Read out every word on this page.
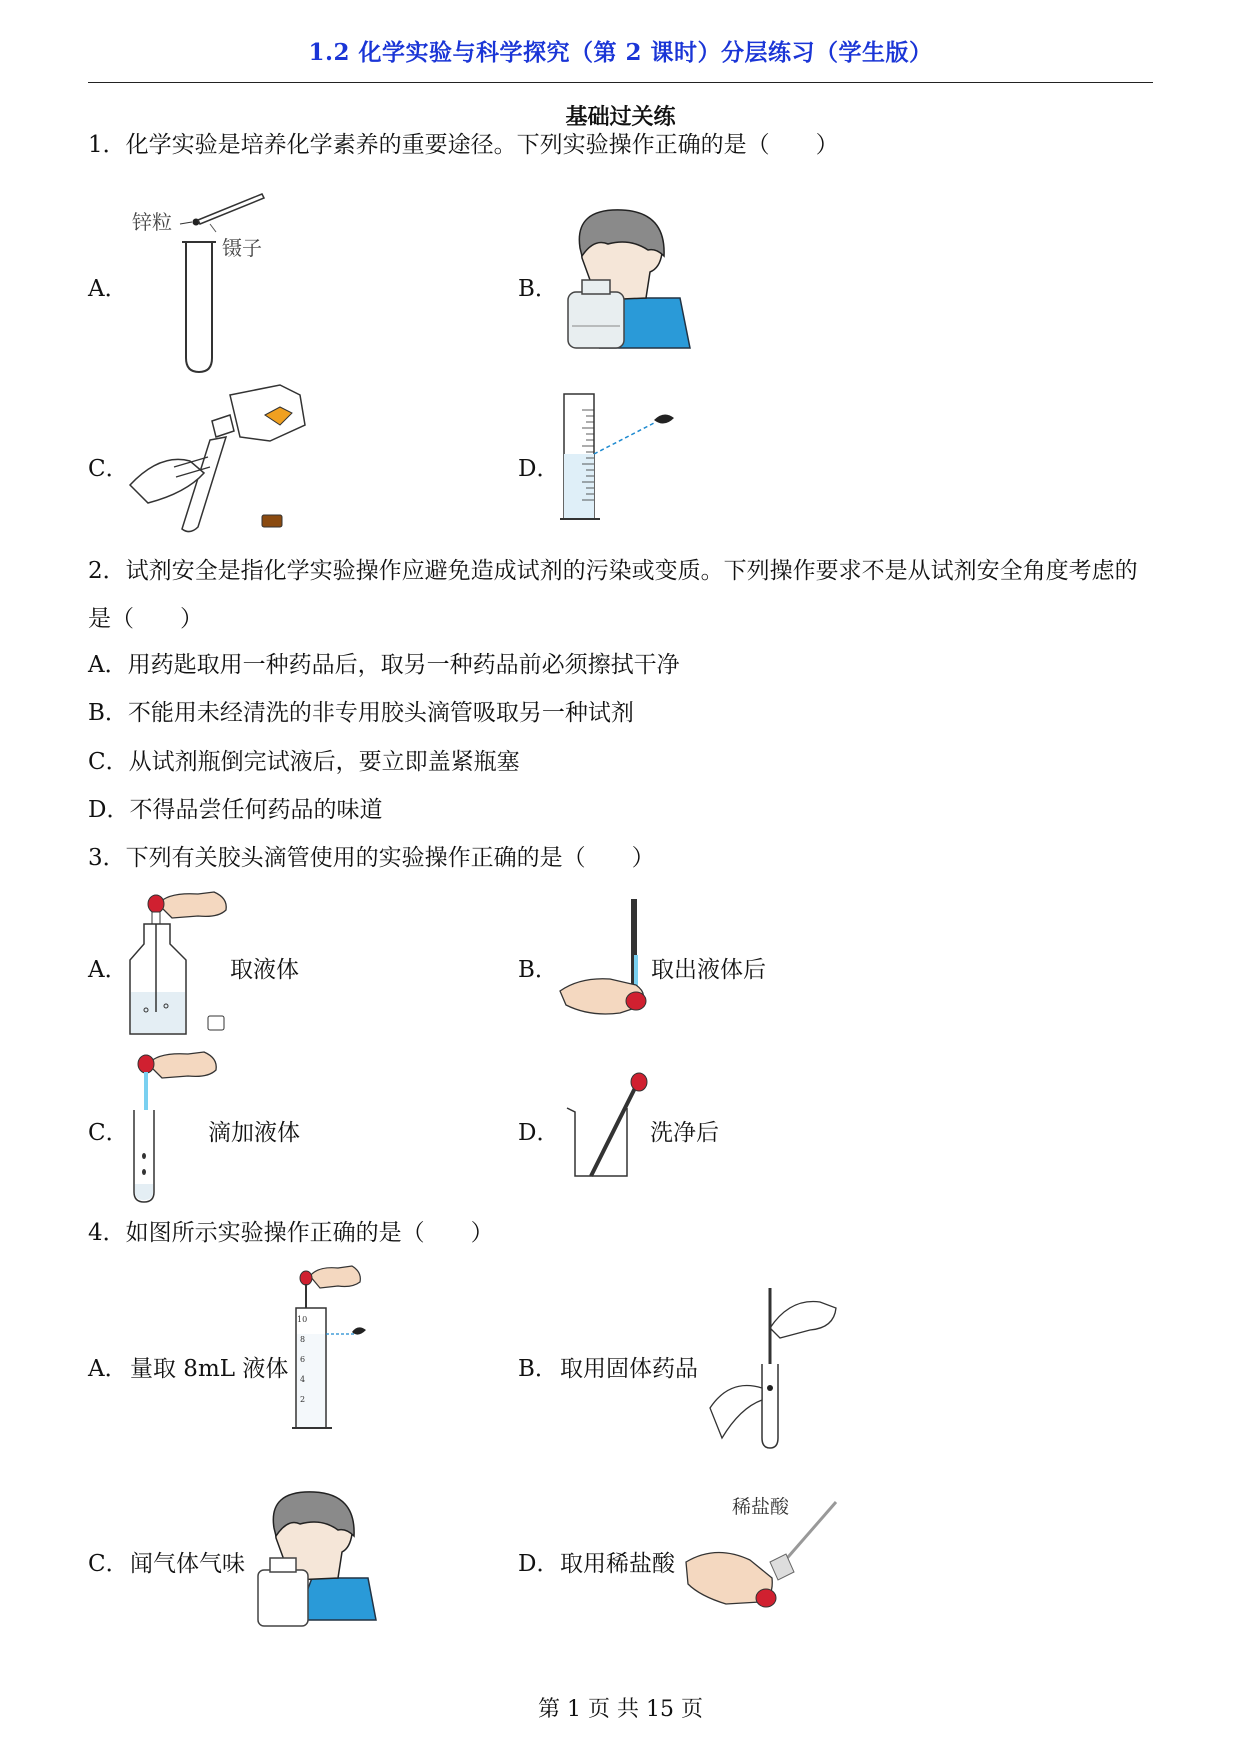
1.2 化学实验与科学探究（第 2 课时）分层练习（学生版）
基础过关练
1．化学实验是培养化学素养的重要途径。下列实验操作正确的是（　　）
A．
锌粒
镊子
B．
C．	D．
2．试剂安全是指化学实验操作应避免造成试剂的污染或变质。下列操作要求不是从试剂安全角度考虑的是（　　）
A．用药匙取用一种药品后，取另一种药品前必须擦拭干净
B．不能用未经清洗的非专用胶头滴管吸取另一种试剂
C．从试剂瓶倒完试液后，要立即盖紧瓶塞
D．不得品尝任何药品的味道
3．下列有关胶头滴管使用的实验操作正确的是（　　）
A．	取液体	B．	取出液体后
C．	滴加液体	D．	洗净后
4．如图所示实验操作正确的是（　　）
A． 量取 8mL 液体
10
8
6
4
2
B． 取用固体药品
C． 闻气体气味	D． 取用稀盐酸
稀盐酸
第 1 页 共 15 页
